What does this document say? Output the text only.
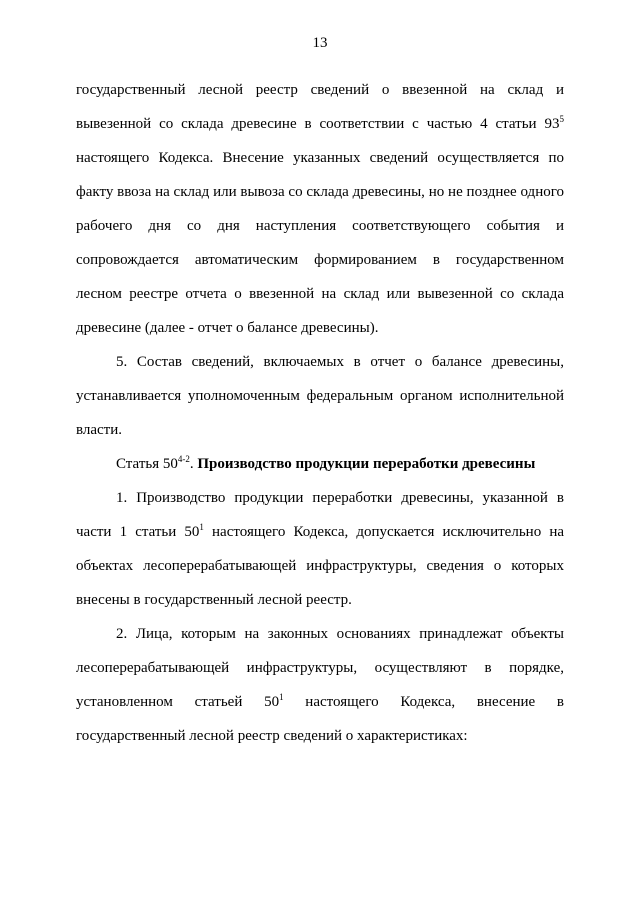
13

государственный лесной реестр сведений о ввезенной на склад и вывезенной со склада древесине в соответствии с частью 4 статьи $93^5$ настоящего Кодекса. Внесение указанных сведений осуществляется по факту ввоза на склад или вывоза со склада древесины, но не позднее одного рабочего дня со дня наступления соответствующего события и сопровождается автоматическим формированием в государственном лесном реестре отчета о ввезенной на склад или вывезенной со склада древесине (далее - отчет о балансе древесины).

5. Состав сведений, включаемых в отчет о балансе древесины, устанавливается уполномоченным федеральным органом исполнительной власти.

Статья 50$^{4-2}$. Производство продукции переработки древесины

1. Производство продукции переработки древесины, указанной в части 1 статьи $50^1$ настоящего Кодекса, допускается исключительно на объектах лесоперерабатывающей инфраструктуры, сведения о которых внесены в государственный лесной реестр.

2. Лица, которым на законных основаниях принадлежат объекты лесоперерабатывающей инфраструктуры, осуществляют в порядке, установленном статьей $50^1$ настоящего Кодекса, внесение в государственный лесной реестр сведений о характеристиках:
